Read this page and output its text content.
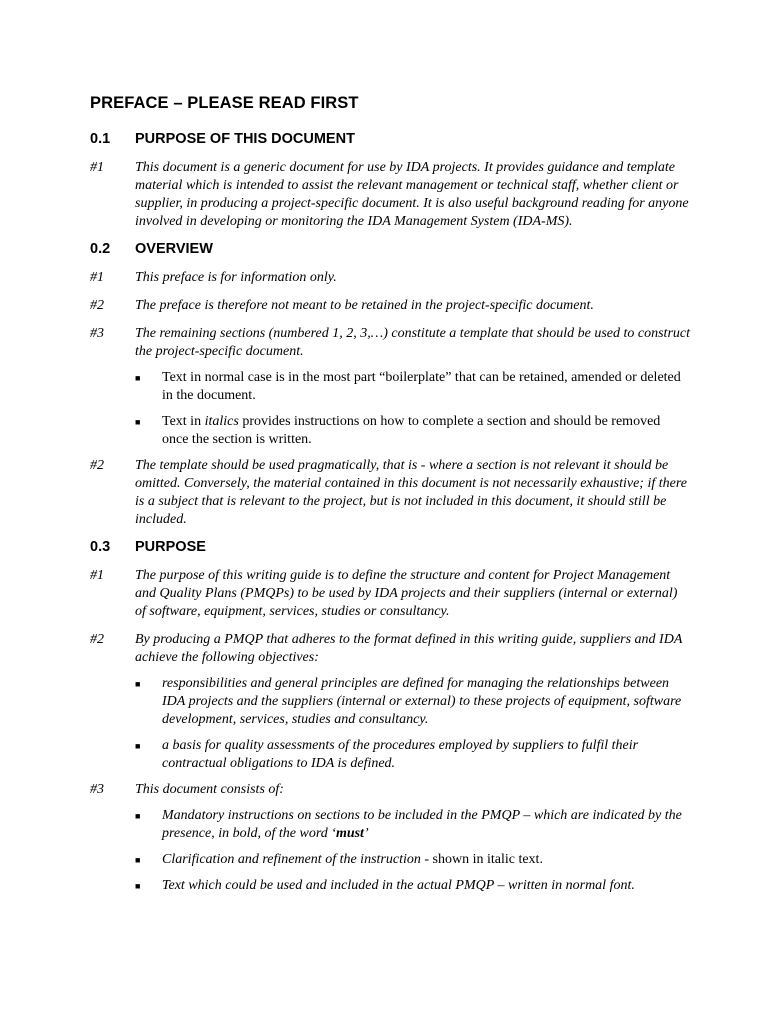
PREFACE – PLEASE READ FIRST
0.1	PURPOSE OF THIS DOCUMENT
#1	This document is a generic document for use by IDA projects. It provides guidance and template material which is intended to assist the relevant management or technical staff, whether client or supplier, in producing a project-specific document. It is also useful background reading for anyone involved in developing or monitoring the IDA Management System (IDA-MS).
0.2	OVERVIEW
#1	This preface is for information only.
#2	The preface is therefore not meant to be retained in the project-specific document.
#3	The remaining sections (numbered 1, 2, 3,…) constitute a template that should be used to construct the project-specific document.
■	Text in normal case is in the most part “boilerplate” that can be retained, amended or deleted in the document.
■	Text in italics provides instructions on how to complete a section and should be removed once the section is written.
#2	The template should be used pragmatically, that is - where a section is not relevant it should be omitted. Conversely, the material contained in this document is not necessarily exhaustive; if there is a subject that is relevant to the project, but is not included in this document, it should still be included.
0.3	PURPOSE
#1	The purpose of this writing guide is to define the structure and content for Project Management and Quality Plans (PMQPs) to be used by IDA projects and their suppliers (internal or external) of software, equipment, services, studies or consultancy.
#2	By producing a PMQP that adheres to the format defined in this writing guide, suppliers and IDA achieve the following objectives:
■	responsibilities and general principles are defined for managing the relationships between IDA projects and the suppliers (internal or external) to these projects of equipment, software development, services, studies and consultancy.
■	a basis for quality assessments of the procedures employed by suppliers to fulfil their contractual obligations to IDA is defined.
#3	This document consists of:
■	Mandatory instructions on sections to be included in the PMQP – which are indicated by the presence, in bold, of the word ‘must’
■	Clarification and refinement of the instruction - shown in italic text.
■	Text which could be used and included in the actual PMQP – written in normal font.
